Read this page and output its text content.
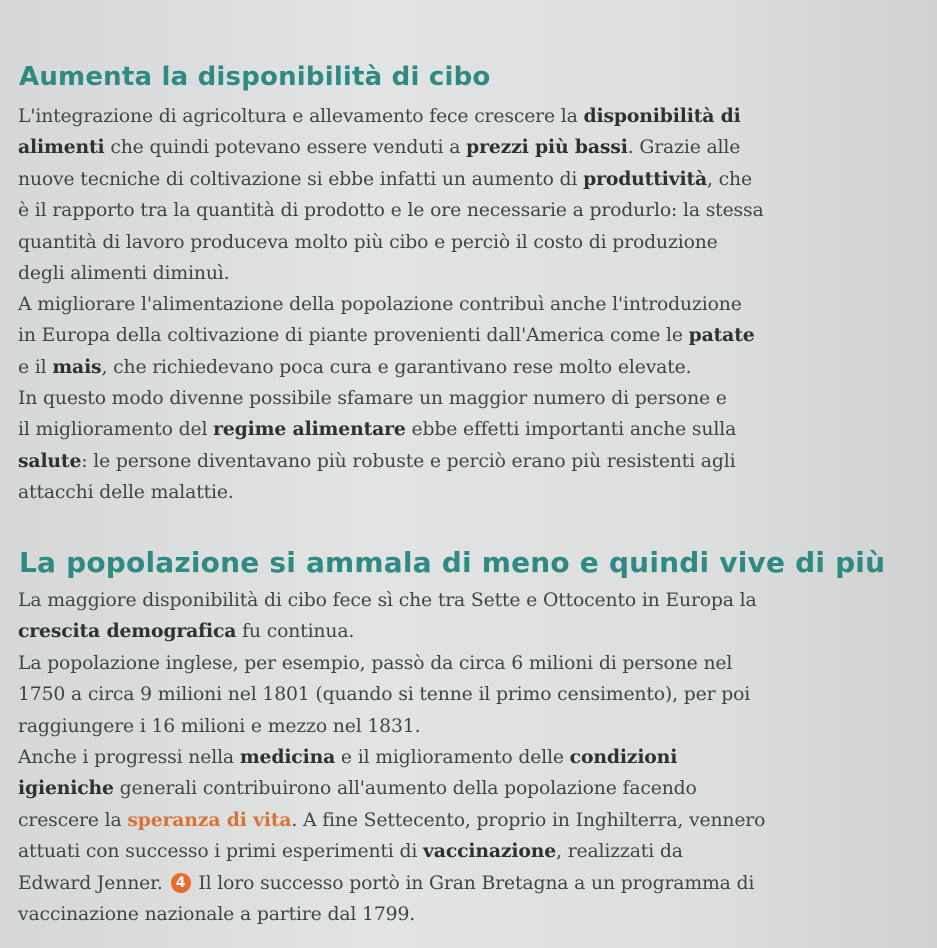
Aumenta la disponibilità di cibo
L'integrazione di agricoltura e allevamento fece crescere la disponibilità di
alimenti che quindi potevano essere venduti a prezzi più bassi. Grazie alle
nuove tecniche di coltivazione si ebbe infatti un aumento di produttività, che
è il rapporto tra la quantità di prodotto e le ore necessarie a produrlo: la stessa
quantità di lavoro produceva molto più cibo e perciò il costo di produzione
degli alimenti diminuì.
A migliorare l'alimentazione della popolazione contribuì anche l'introduzione
in Europa della coltivazione di piante provenienti dall'America come le patate
e il mais, che richiedevano poca cura e garantivano rese molto elevate.
In questo modo divenne possibile sfamare un maggior numero di persone e
il miglioramento del regime alimentare ebbe effetti importanti anche sulla
salute: le persone diventavano più robuste e perciò erano più resistenti agli
attacchi delle malattie.
La popolazione si ammala di meno e quindi vive di più
La maggiore disponibilità di cibo fece sì che tra Sette e Ottocento in Europa la
crescita demografica fu continua.
La popolazione inglese, per esempio, passò da circa 6 milioni di persone nel
1750 a circa 9 milioni nel 1801 (quando si tenne il primo censimento), per poi
raggiungere i 16 milioni e mezzo nel 1831.
Anche i progressi nella medicina e il miglioramento delle condizioni
igieniche generali contribuirono all'aumento della popolazione facendo
crescere la speranza di vita. A fine Settecento, proprio in Inghilterra, vennero
attuati con successo i primi esperimenti di vaccinazione, realizzati da
Edward Jenner. 4 Il loro successo portò in Gran Bretagna a un programma di
vaccinazione nazionale a partire dal 1799.
